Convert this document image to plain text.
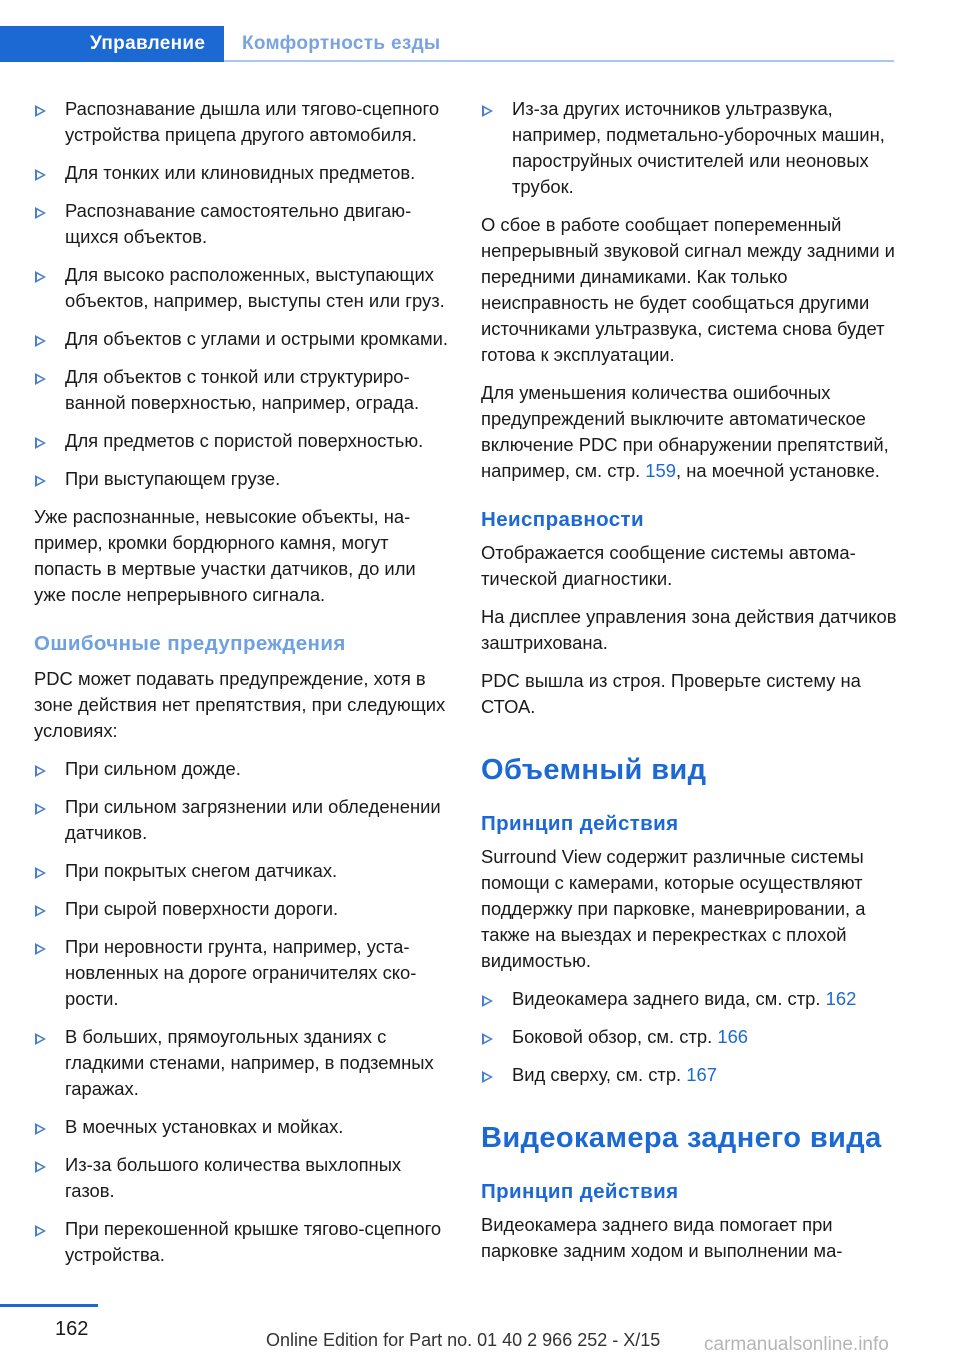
Управление	Комфортность езды
Распознавание дышла или тягово-сцепного устройства прицепа другого автомобиля.
Для тонких или клиновидных предметов.
Распознавание самостоятельно двигающихся объектов.
Для высоко расположенных, выступающих объектов, например, выступы стен или груз.
Для объектов с углами и острыми кромками.
Для объектов с тонкой или структурированной поверхностью, например, ограда.
Для предметов с пористой поверхностью.
При выступающем грузе.

Уже распознанные, невысокие объекты, например, кромки бордюрного камня, могут попасть в мертвые участки датчиков, до или уже после непрерывного сигнала.

Ошибочные предупреждения

PDC может подавать предупреждение, хотя в зоне действия нет препятствия, при следующих условиях:

При сильном дожде.
При сильном загрязнении или обледенении датчиков.
При покрытых снегом датчиках.
При сырой поверхности дороги.
При неровности грунта, например, установленных на дороге ограничителях скорости.
В больших, прямоугольных зданиях с гладкими стенами, например, в подземных гаражах.
В моечных установках и мойках.
Из-за большого количества выхлопных газов.
При перекошенной крышке тягово-сцепного устройства.
Из-за других источников ультразвука, например, подметально-уборочных машин, пароструйных очистителей или неоновых трубок.

О сбое в работе сообщает попеременный непрерывный звуковой сигнал между задними и передними динамиками. Как только неисправность не будет сообщаться другими источниками ультразвука, система снова будет готова к эксплуатации.

Для уменьшения количества ошибочных предупреждений выключите автоматическое включение PDC при обнаружении препятствий, например, см. стр. 159, на моечной установке.

Неисправности

Отображается сообщение системы автоматической диагностики.

На дисплее управления зона действия датчиков заштрихована.

PDC вышла из строя. Проверьте систему на СТОА.

Объемный вид
Принцип действия

Surround View содержит различные системы помощи с камерами, которые осуществляют поддержку при парковке, маневрировании, а также на выездах и перекрестках с плохой видимостью.

Видеокамера заднего вида, см. стр. 162
Боковой обзор, см. стр. 166
Вид сверху, см. стр. 167
Видеокамера заднего вида
Принцип действия

Видеокамера заднего вида помогает при парковке задним ходом и выполнении ма-

162	Online Edition for Part no. 01 40 2 966 252 - X/15 carmanualsonline.info
